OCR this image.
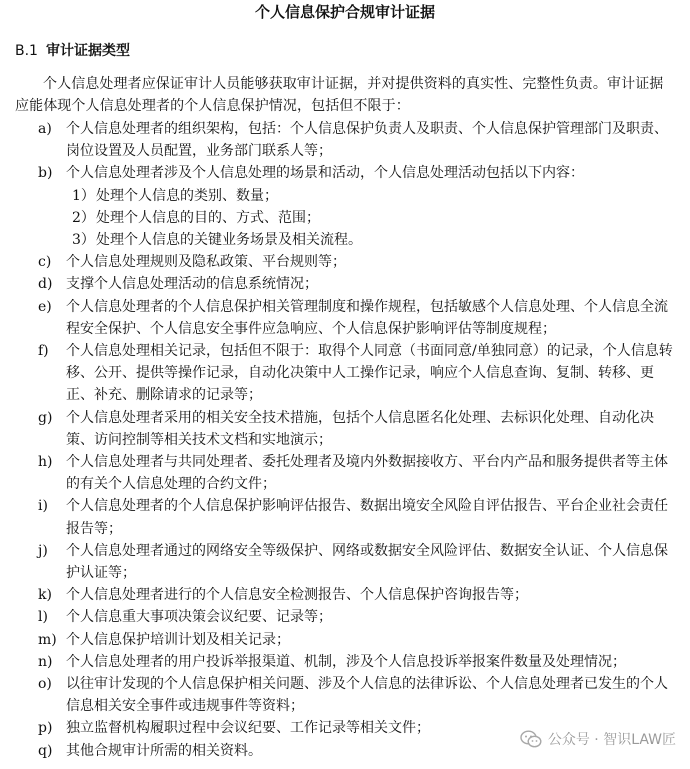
个人信息保护合规审计证据
B.1 审计证据类型
个人信息处理者应保证审计人员能够获取审计证据，并对提供资料的真实性、完整性负责。审计证据应能体现个人信息处理者的个人信息保护情况，包括但不限于：
a) 个人信息处理者的组织架构，包括：个人信息保护负责人及职责、个人信息保护管理部门及职责、岗位设置及人员配置，业务部门联系人等；
b) 个人信息处理者涉及个人信息处理的场景和活动，个人信息处理活动包括以下内容：
1） 处理个人信息的类别、数量；
2） 处理个人信息的目的、方式、范围；
3） 处理个人信息的关键业务场景及相关流程。
c) 个人信息处理规则及隐私政策、平台规则等；
d) 支撑个人信息处理活动的信息系统情况；
e) 个人信息处理者的个人信息保护相关管理制度和操作规程，包括敏感个人信息处理、个人信息全流程安全保护、个人信息安全事件应急响应、个人信息保护影响评估等制度规程；
f) 个人信息处理相关记录，包括但不限于：取得个人同意（书面同意/单独同意）的记录，个人信息转移、公开、提供等操作记录，自动化决策中人工操作记录，响应个人信息查询、复制、转移、更正、补充、删除请求的记录等；
g) 个人信息处理者采用的相关安全技术措施，包括个人信息匿名化处理、去标识化处理、自动化决策、访问控制等相关技术文档和实地演示；
h) 个人信息处理者与共同处理者、委托处理者及境内外数据接收方、平台内产品和服务提供者等主体的有关个人信息处理的合约文件；
i) 个人信息处理者的个人信息保护影响评估报告、数据出境安全风险自评估报告、平台企业社会责任报告等；
j) 个人信息处理者通过的网络安全等级保护、网络或数据安全风险评估、数据安全认证、个人信息保护认证等；
k) 个人信息处理者进行的个人信息安全检测报告、个人信息保护咨询报告等；
l) 个人信息重大事项决策会议纪要、记录等；
m) 个人信息保护培训计划及相关记录；
n) 个人信息处理者的用户投诉举报渠道、机制，涉及个人信息投诉举报案件数量及处理情况；
o) 以往审计发现的个人信息保护相关问题、涉及个人信息的法律诉讼、个人信息处理者已发生的个人信息相关安全事件或违规事件等资料；
p) 独立监督机构履职过程中会议纪要、工作记录等相关文件；
q) 其他合规审计所需的相关资料。
公众号 · 智识LAW匠
